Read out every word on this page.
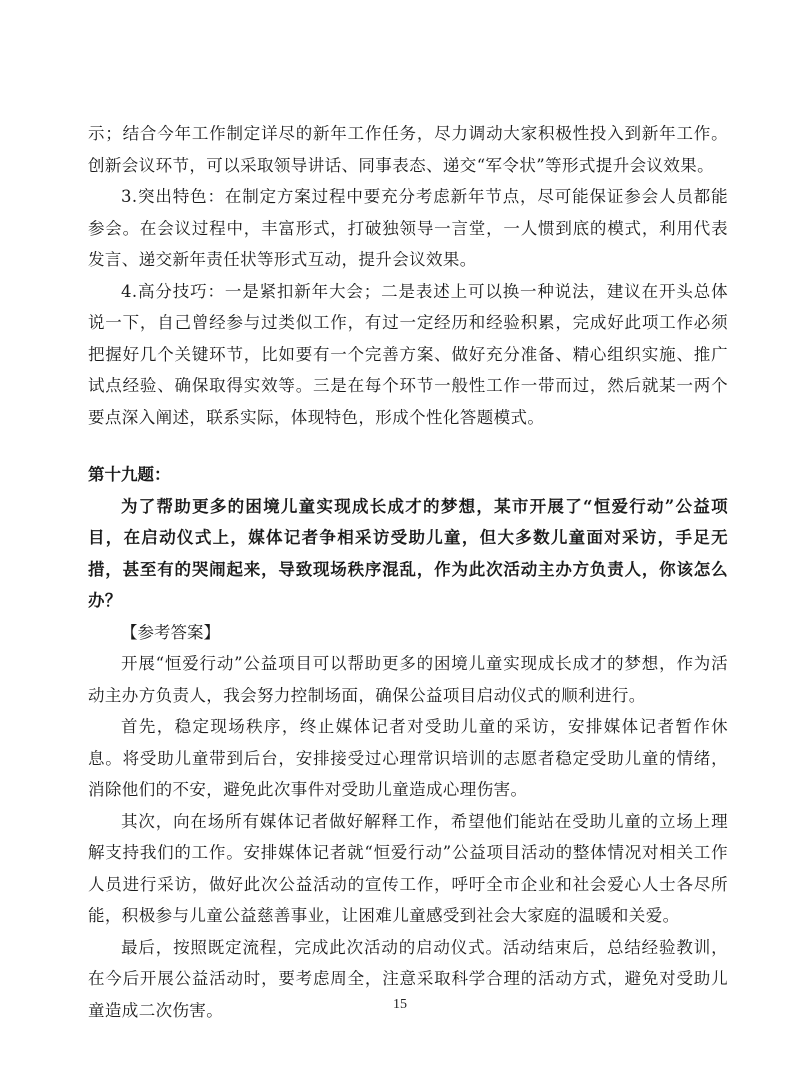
示；结合今年工作制定详尽的新年工作任务，尽力调动大家积极性投入到新年工作。创新会议环节，可以采取领导讲话、同事表态、递交“军令状”等形式提升会议效果。

3.突出特色：在制定方案过程中要充分考虑新年节点，尽可能保证参会人员都能参会。在会议过程中，丰富形式，打破独领导一言堂，一人惯到底的模式，利用代表发言、递交新年责任状等形式互动，提升会议效果。

4.高分技巧：一是紧扣新年大会；二是表述上可以换一种说法，建议在开头总体说一下，自己曾经参与过类似工作，有过一定经历和经验积累，完成好此项工作必须把握好几个关键环节，比如要有一个完善方案、做好充分准备、精心组织实施、推广试点经验、确保取得实效等。三是在每个环节一般性工作一带而过，然后就某一两个要点深入阐述，联系实际，体现特色，形成个性化答题模式。

第十九题：

为了帮助更多的困境儿童实现成长成才的梦想，某市开展了“恒爱行动”公益项目，在启动仪式上，媒体记者争相采访受助儿童，但大多数儿童面对采访，手足无措，甚至有的哭闹起来，导致现场秩序混乱，作为此次活动主办方负责人，你该怎么办？

【参考答案】

开展“恒爱行动”公益项目可以帮助更多的困境儿童实现成长成才的梦想，作为活动主办方负责人，我会努力控制场面，确保公益项目启动仪式的顺利进行。

首先，稳定现场秩序，终止媒体记者对受助儿童的采访，安排媒体记者暂作休息。将受助儿童带到后台，安排接受过心理常识培训的志愿者稳定受助儿童的情绪，消除他们的不安，避免此次事件对受助儿童造成心理伤害。

其次，向在场所有媒体记者做好解释工作，希望他们能站在受助儿童的立场上理解支持我们的工作。安排媒体记者就“恒爱行动”公益项目活动的整体情况对相关工作人员进行采访，做好此次公益活动的宣传工作，呼吁全市企业和社会爱心人士各尽所能，积极参与儿童公益慈善事业，让困难儿童感受到社会大家庭的温暖和关爱。

最后，按照既定流程，完成此次活动的启动仪式。活动结束后，总结经验教训，在今后开展公益活动时，要考虑周全，注意采取科学合理的活动方式，避免对受助儿童造成二次伤害。	15
